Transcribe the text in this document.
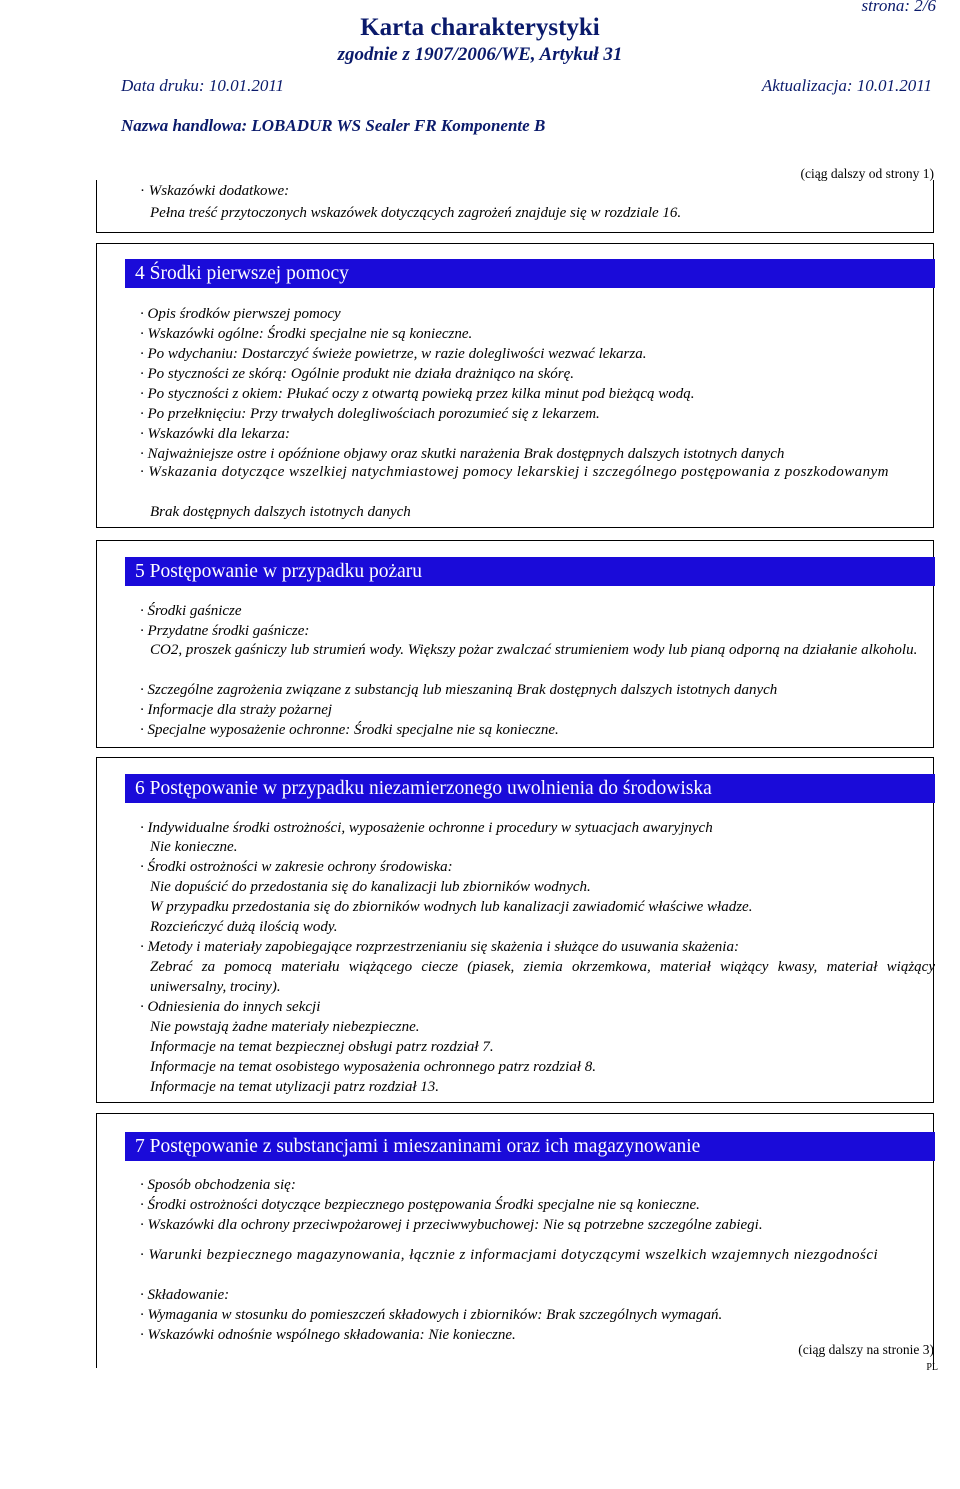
strona: 2/6
Karta charakterystyki
zgodnie z 1907/2006/WE, Artykuł 31
Data druku: 10.01.2011	Aktualizacja: 10.01.2011
Nazwa handlowa: LOBADUR WS Sealer FR Komponente B
(ciąg dalszy od strony 1)
· Wskazówki dodatkowe:
Pełna treść przytoczonych wskazówek dotyczących zagrożeń znajduje się w rozdziale 16.
4 Środki pierwszej pomocy
· Opis środków pierwszej pomocy
· Wskazówki ogólne: Środki specjalne nie są konieczne.
· Po wdychaniu: Dostarczyć świeże powietrze, w razie dolegliwości wezwać lekarza.
· Po styczności ze skórą: Ogólnie produkt nie działa drażniąco na skórę.
· Po styczności z okiem: Płukać oczy z otwartą powieką przez kilka minut pod bieżącą wodą.
· Po przełknięciu: Przy trwałych dolegliwościach porozumieć się z lekarzem.
· Wskazówki dla lekarza:
· Najważniejsze ostre i opóźnione objawy oraz skutki narażenia Brak dostępnych dalszych istotnych danych
· Wskazania dotyczące wszelkiej natychmiastowej pomocy lekarskiej i szczególnego postępowania z poszkodowanym
Brak dostępnych dalszych istotnych danych
5 Postępowanie w przypadku pożaru
· Środki gaśnicze
· Przydatne środki gaśnicze:
CO2, proszek gaśniczy lub strumień wody. Większy pożar zwalczać strumieniem wody lub pianą odporną na działanie alkoholu.
· Szczególne zagrożenia związane z substancją lub mieszaniną Brak dostępnych dalszych istotnych danych
· Informacje dla straży pożarnej
· Specjalne wyposażenie ochronne: Środki specjalne nie są konieczne.
6 Postępowanie w przypadku niezamierzonego uwolnienia do środowiska
· Indywidualne środki ostrożności, wyposażenie ochronne i procedury w sytuacjach awaryjnych
Nie konieczne.
· Środki ostrożności w zakresie ochrony środowiska:
Nie dopuścić do przedostania się do kanalizacji lub zbiorników wodnych.
W przypadku przedostania się do zbiorników wodnych lub kanalizacji zawiadomić właściwe władze.
Rozcieńczyć dużą ilością wody.
· Metody i materiały zapobiegające rozprzestrzenianiu się skażenia i służące do usuwania skażenia:
Zebrać za pomocą materiału wiążącego ciecze (piasek, ziemia okrzemkowa, materiał wiążący kwasy, materiał wiążący uniwersalny, trociny).
· Odniesienia do innych sekcji
Nie powstają żadne materiały niebezpieczne.
Informacje na temat bezpiecznej obsługi patrz rozdział 7.
Informacje na temat osobistego wyposażenia ochronnego patrz rozdział 8.
Informacje na temat utylizacji patrz rozdział 13.
7 Postępowanie z substancjami i mieszaninami oraz ich magazynowanie
· Sposób obchodzenia się:
· Środki ostrożności dotyczące bezpiecznego postępowania Środki specjalne nie są konieczne.
· Wskazówki dla ochrony przeciwpożarowej i przeciwwybuchowej: Nie są potrzebne szczególne zabiegi.
· Warunki bezpiecznego magazynowania, łącznie z informacjami dotyczącymi wszelkich wzajemnych niezgodności
· Składowanie:
· Wymagania w stosunku do pomieszczeń składowych i zbiorników: Brak szczególnych wymagań.
· Wskazówki odnośnie wspólnego składowania: Nie konieczne.
(ciąg dalszy na stronie 3)
PL
